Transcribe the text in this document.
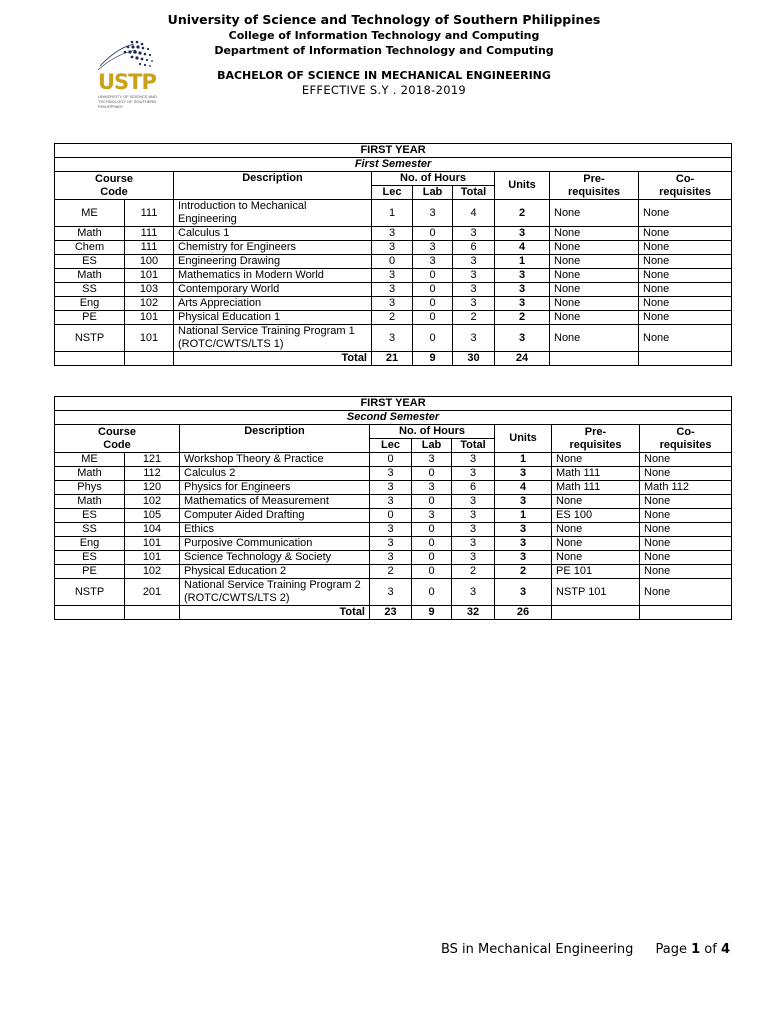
University of Science and Technology of Southern Philippines
College of Information Technology and Computing
Department of Information Technology and Computing
BACHELOR OF SCIENCE IN MECHANICAL ENGINEERING
EFFECTIVE S.Y . 2018-2019
USTP
UNIVERSITY OF SCIENCE AND TECHNOLOGY OF SOUTHERN PHILIPPINES
FIRST YEAR								
First Semester								
Course
Code		Description	No. of Hours			Units	Pre-
requisites	Co-
requisites
			Lec	Lab	Total			
ME	111	Introduction to Mechanical Engineering	1	3	4	2	None	None
Math	111	Calculus 1	3	0	3	3	None	None
Chem	111	Chemistry for Engineers	3	3	6	4	None	None
ES	100	Engineering Drawing	0	3	3	1	None	None
Math	101	Mathematics in Modern World	3	0	3	3	None	None
SS	103	Contemporary World	3	0	3	3	None	None
Eng	102	Arts Appreciation	3	0	3	3	None	None
PE	101	Physical Education 1	2	0	2	2	None	None
NSTP	101	National Service Training Program 1 (ROTC/CWTS/LTS 1)	3	0	3	3	None	None
		Total	21	9	30	24		
FIRST YEAR								
Second Semester								
Course
Code		Description	No. of Hours			Units	Pre-
requisites	Co-
requisites
			Lec	Lab	Total			
ME	121	Workshop Theory & Practice	0	3	3	1	None	None
Math	112	Calculus 2	3	0	3	3	Math 111	None
Phys	120	Physics for Engineers	3	3	6	4	Math 111	Math 112
Math	102	Mathematics of Measurement	3	0	3	3	None	None
ES	105	Computer Aided Drafting	0	3	3	1	ES 100	None
SS	104	Ethics	3	0	3	3	None	None
Eng	101	Purposive Communication	3	0	3	3	None	None
ES	101	Science Technology & Society	3	0	3	3	None	None
PE	102	Physical Education 2	2	0	2	2	PE 101	None
NSTP	201	National Service Training Program 2 (ROTC/CWTS/LTS 2)	3	0	3	3	NSTP 101	None
		Total	23	9	32	26		
BS in Mechanical Engineering Page 1 of 4
